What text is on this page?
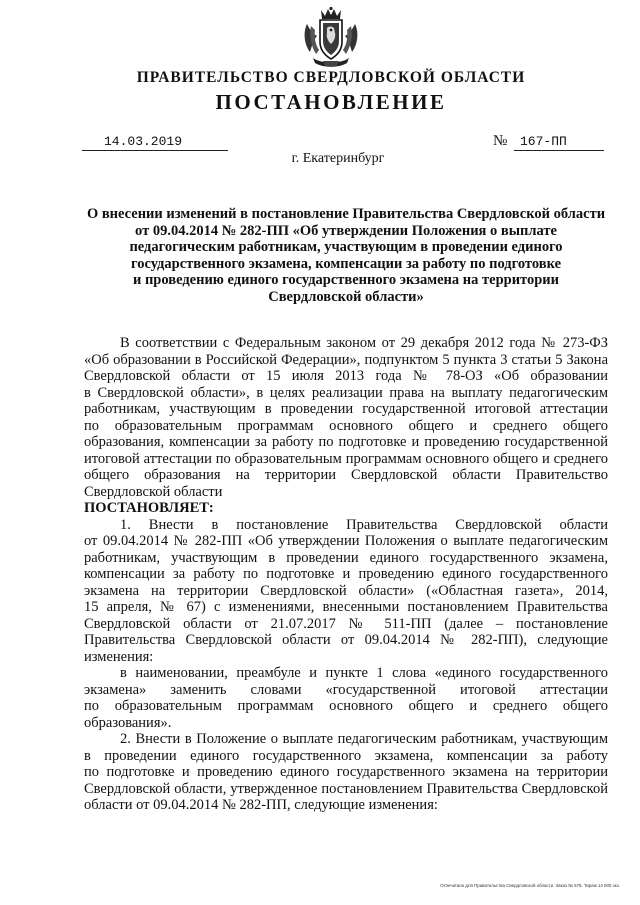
ПРАВИТЕЛЬСТВО СВЕРДЛОВСКОЙ ОБЛАСТИ
ПОСТАНОВЛЕНИЕ
14.03.2019	№ 167-ПП
г. Екатеринбург
О внесении изменений в постановление Правительства Свердловской области
от 09.04.2014 № 282-ПП «Об утверждении Положения о выплате
педагогическим работникам, участвующим в проведении единого
государственного экзамена, компенсации за работу по подготовке
и проведению единого государственного экзамена на территории
Свердловской области»
В соответствии с Федеральным законом от 29 декабря 2012 года № 273-ФЗ
«Об образовании в Российской Федерации», подпунктом 5 пункта 3 статьи 5 Закона
Свердловской области от 15 июля 2013 года № 78-ОЗ «Об образовании
в Свердловской области», в целях реализации права на выплату педагогическим
работникам, участвующим в проведении государственной итоговой аттестации
по образовательным программам основного общего и среднего общего
образования, компенсации за работу по подготовке и проведению государственной
итоговой аттестации по образовательным программам основного общего и среднего
общего образования на территории Свердловской области Правительство
Свердловской области
ПОСТАНОВЛЯЕТ:
1. Внести в постановление Правительства Свердловской области
от 09.04.2014 № 282-ПП «Об утверждении Положения о выплате педагогическим
работникам, участвующим в проведении единого государственного экзамена,
компенсации за работу по подготовке и проведению единого государственного
экзамена на территории Свердловской области» («Областная газета», 2014,
15 апреля, № 67) с изменениями, внесенными постановлением Правительства
Свердловской области от 21.07.2017 № 511-ПП (далее – постановление
Правительства Свердловской области от 09.04.2014 № 282-ПП), следующие
изменения:
в наименовании, преамбуле и пункте 1 слова «единого государственного
экзамена» заменить словами «государственной итоговой аттестации
по образовательным программам основного общего и среднего общего
образования».
2. Внести в Положение о выплате педагогическим работникам, участвующим
в проведении единого государственного экзамена, компенсации за работу
по подготовке и проведению единого государственного экзамена на территории
Свердловской области, утвержденное постановлением Правительства Свердловской
области от 09.04.2014 № 282-ПП, следующие изменения:
Отпечатано для Правительства Свердловской области. Заказ № 575. Тираж 14 000 экз.
